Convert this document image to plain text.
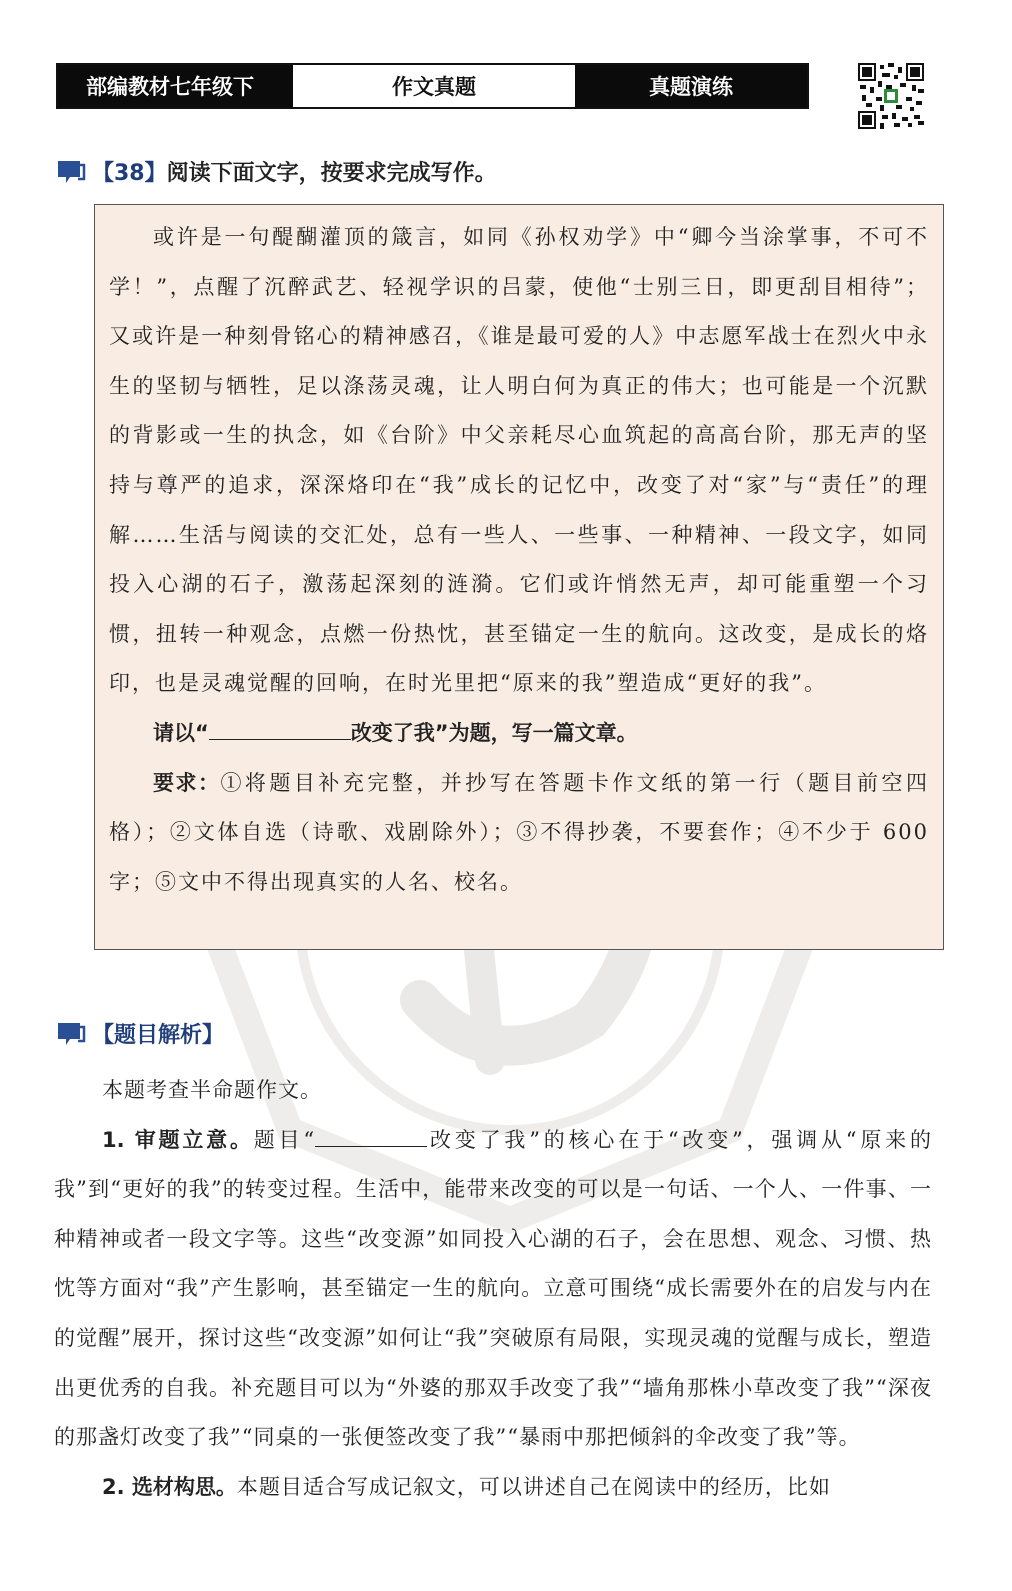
部编教材七年级下	作文真题	真题演练
【38】 阅读下面文字，按要求完成写作。

或许是一句醍醐灌顶的箴言，如同《孙权劝学》中“卿今当涂掌事，不可不学！”，点醒了沉醉武艺、轻视学识的吕蒙，使他“士别三日，即更刮目相待”；又或许是一种刻骨铭心的精神感召，《谁是最可爱的人》中志愿军战士在烈火中永生的坚韧与牺牲，足以涤荡灵魂，让人明白何为真正的伟大；也可能是一个沉默的背影或一生的执念，如《台阶》中父亲耗尽心血筑起的高高台阶，那无声的坚持与尊严的追求，深深烙印在“我”成长的记忆中，改变了对“家”与“责任”的理解……生活与阅读的交汇处，总有一些人、一些事、一种精神、一段文字，如同投入心湖的石子，激荡起深刻的涟漪。它们或许悄然无声，却可能重塑一个习惯，扭转一种观念，点燃一份热忱，甚至锚定一生的航向。这改变，是成长的烙印，也是灵魂觉醒的回响，在时光里把“原来的我”塑造成“更好的我”。

请以“	改变了我”为题，写一篇文章。

要求：①将题目补充完整，并抄写在答题卡作文纸的第一行（题目前空四格）；②文体自选（诗歌、戏剧除外）；③不得抄袭，不要套作；④不少于 600 字；⑤文中不得出现真实的人名、校名。

【题目解析】

本题考查半命题作文。

1. 审题立意。题目“	改变了我”的核心在于“改变”，强调从“原来的我”到“更好的我”的转变过程。生活中，能带来改变的可以是一句话、一个人、一件事、一种精神或者一段文字等。这些“改变源”如同投入心湖的石子，会在思想、观念、习惯、热忱等方面对“我”产生影响，甚至锚定一生的航向。立意可围绕“成长需要外在的启发与内在的觉醒”展开，探讨这些“改变源”如何让“我”突破原有局限，实现灵魂的觉醒与成长，塑造出更优秀的自我。补充题目可以为“外婆的那双手改变了我”“墙角那株小草改变了我”“深夜的那盏灯改变了我”“同桌的一张便签改变了我”“暴雨中那把倾斜的伞改变了我”等。

2. 选材构思。本题目适合写成记叙文，可以讲述自己在阅读中的经历，比如
